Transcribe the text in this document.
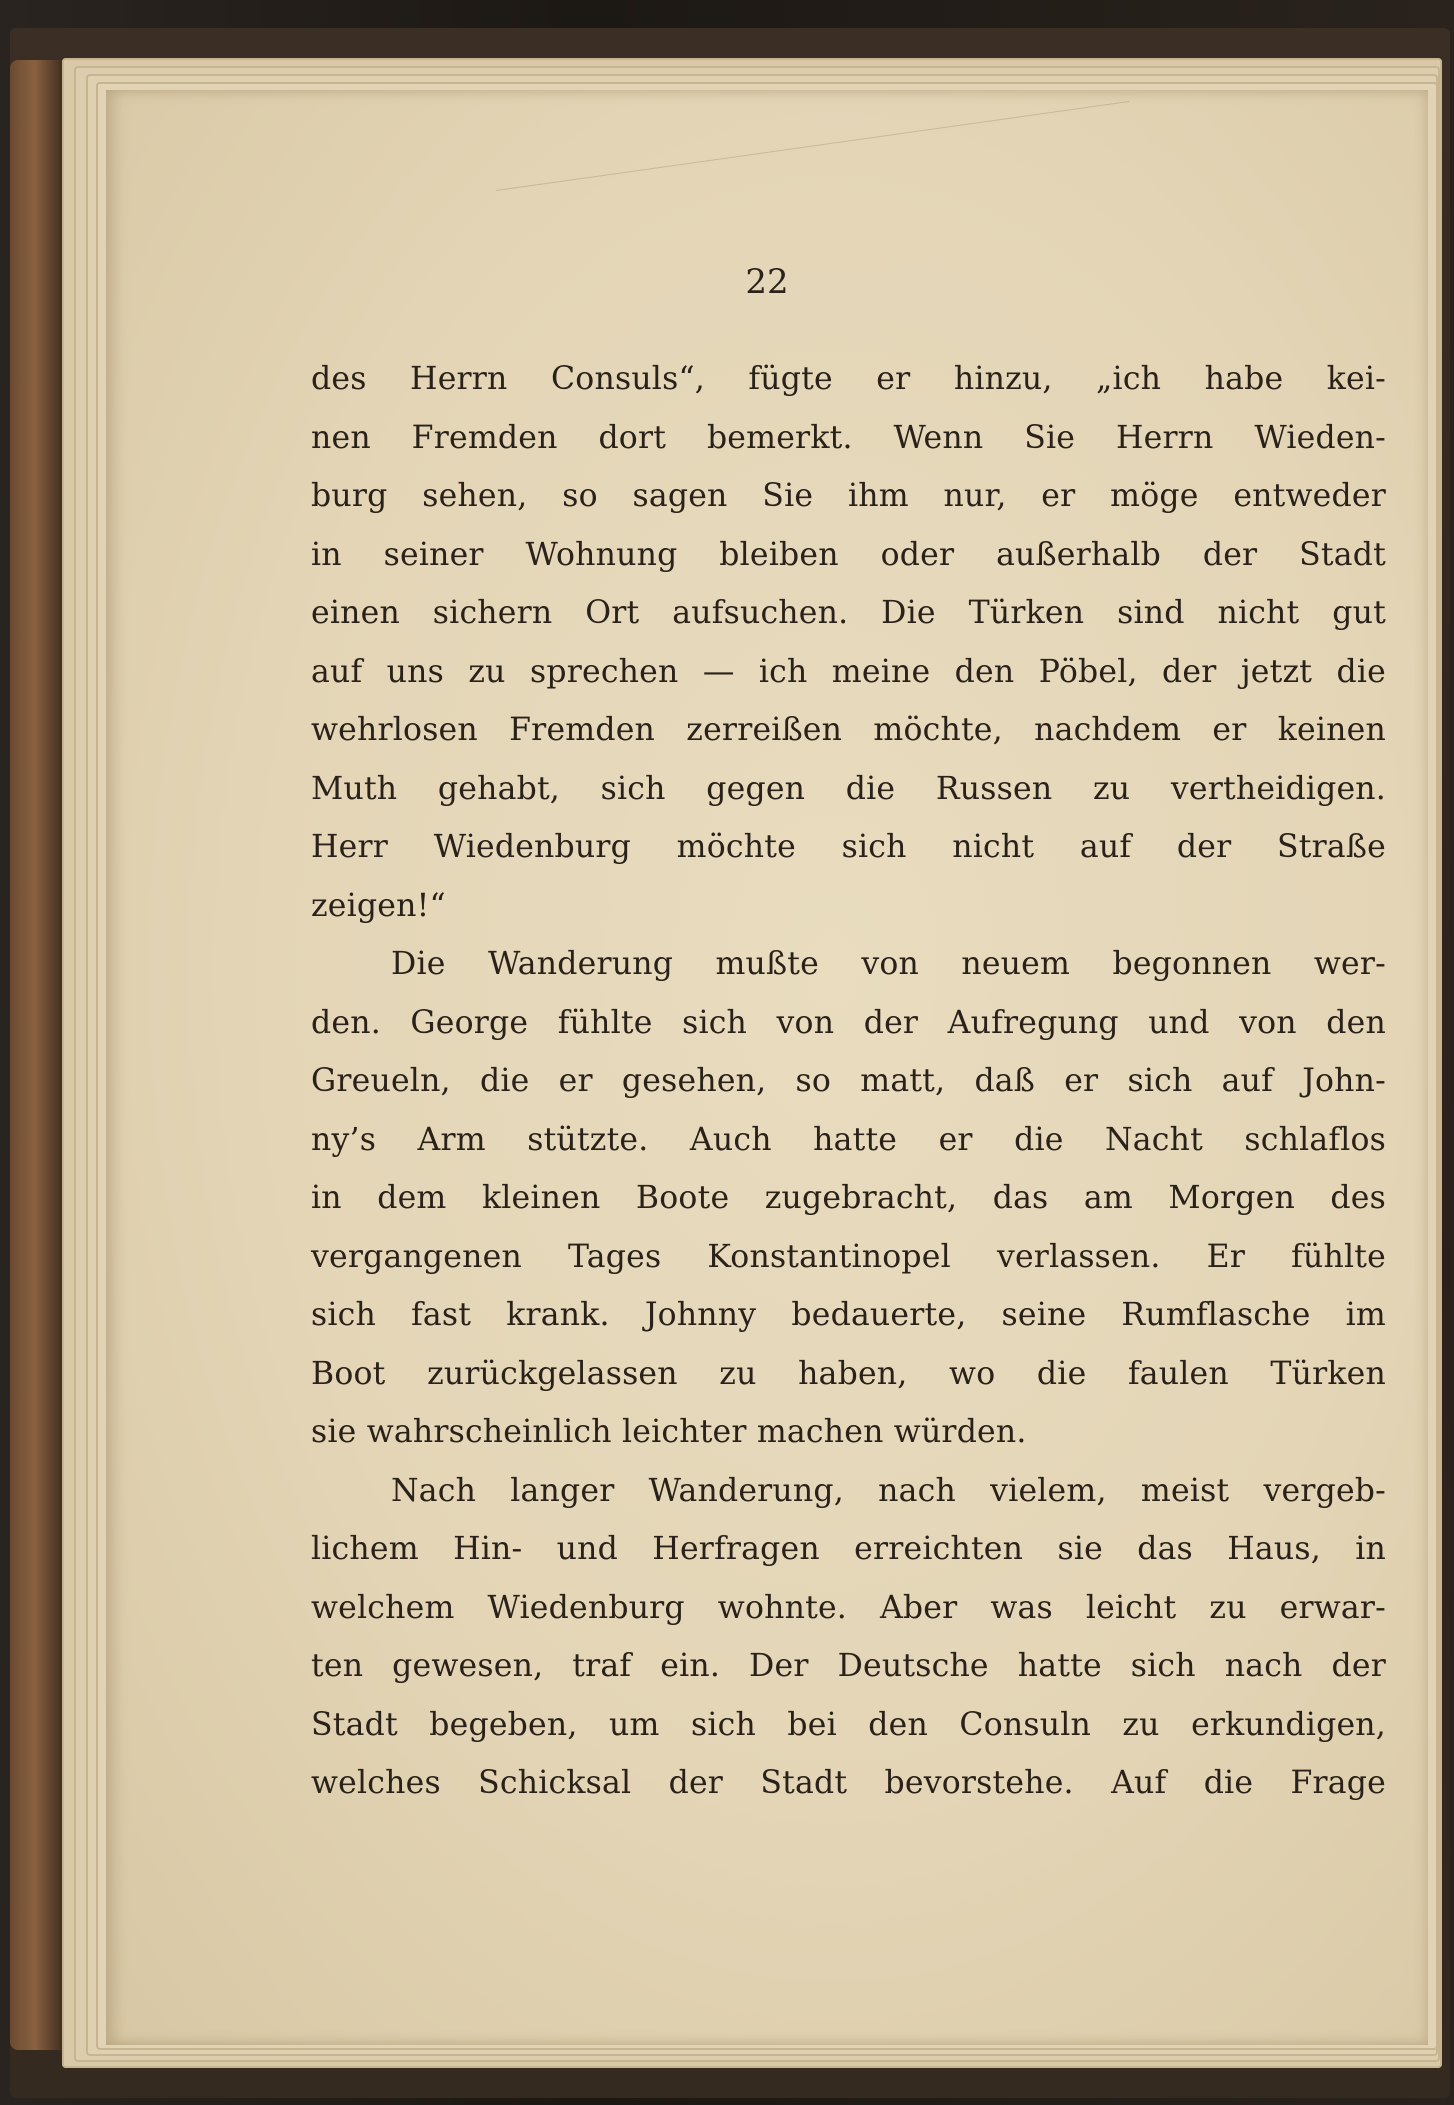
22
des Herrn Consuls“, fügte er hinzu, „ich habe kei-
nen Fremden dort bemerkt. Wenn Sie Herrn Wieden-
burg sehen, so sagen Sie ihm nur, er möge entweder
in seiner Wohnung bleiben oder außerhalb der Stadt
einen sichern Ort aufsuchen. Die Türken sind nicht gut
auf uns zu sprechen — ich meine den Pöbel, der jetzt die
wehrlosen Fremden zerreißen möchte, nachdem er keinen
Muth gehabt, sich gegen die Russen zu vertheidigen.
Herr Wiedenburg möchte sich nicht auf der Straße
zeigen!“
Die Wanderung mußte von neuem begonnen wer-
den. George fühlte sich von der Aufregung und von den
Greueln, die er gesehen, so matt, daß er sich auf John-
ny’s Arm stützte. Auch hatte er die Nacht schlaflos
in dem kleinen Boote zugebracht, das am Morgen des
vergangenen Tages Konstantinopel verlassen. Er fühlte
sich fast krank. Johnny bedauerte, seine Rumflasche im
Boot zurückgelassen zu haben, wo die faulen Türken
sie wahrscheinlich leichter machen würden.
Nach langer Wanderung, nach vielem, meist vergeb-
lichem Hin- und Herfragen erreichten sie das Haus, in
welchem Wiedenburg wohnte. Aber was leicht zu erwar-
ten gewesen, traf ein. Der Deutsche hatte sich nach der
Stadt begeben, um sich bei den Consuln zu erkundigen,
welches Schicksal der Stadt bevorstehe. Auf die Frage
